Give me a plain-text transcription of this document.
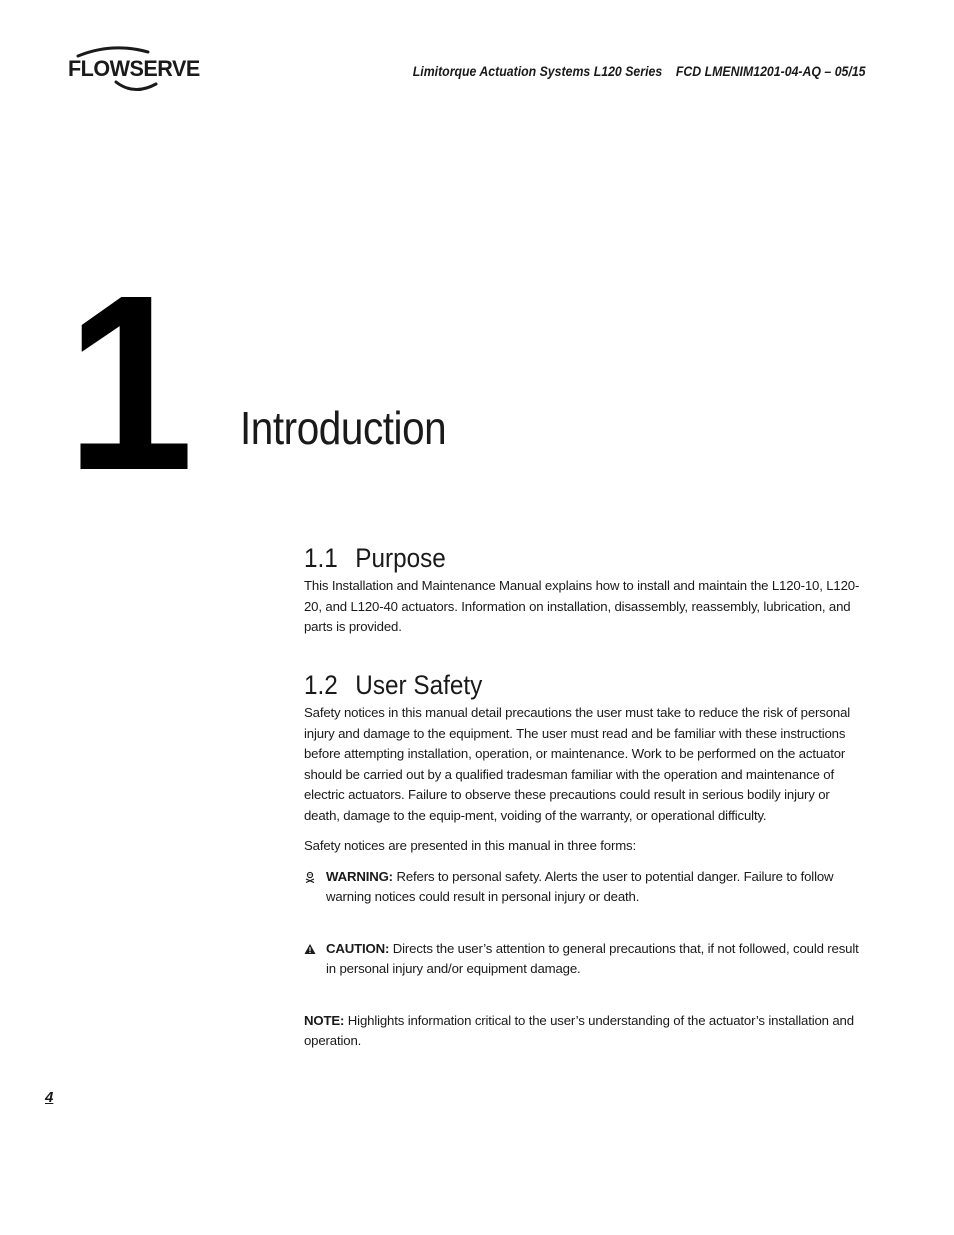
FLOWSERVE	Limitorque Actuation Systems L120 Series    FCD LMENIM1201-04-AQ – 05/15
1 Introduction
1.1 Purpose

This Installation and Maintenance Manual explains how to install and maintain the L120-10, L120-20, and L120-40 actuators. Information on installation, disassembly, reassembly, lubrication, and parts is provided.

1.2 User Safety

Safety notices in this manual detail precautions the user must take to reduce the risk of personal injury and damage to the equipment. The user must read and be familiar with these instructions before attempting installation, operation, or maintenance. Work to be performed on the actuator should be carried out by a qualified tradesman familiar with the operation and maintenance of electric actuators. Failure to observe these precautions could result in serious bodily injury or death, damage to the equip-ment, voiding of the warranty, or operational difficulty.

Safety notices are presented in this manual in three forms:

WARNING: Refers to personal safety. Alerts the user to potential danger. Failure to follow warning notices could result in personal injury or death.

CAUTION: Directs the user’s attention to general precautions that, if not followed, could result in personal injury and/or equipment damage.

NOTE: Highlights information critical to the user’s understanding of the actuator’s installation and operation.

4
